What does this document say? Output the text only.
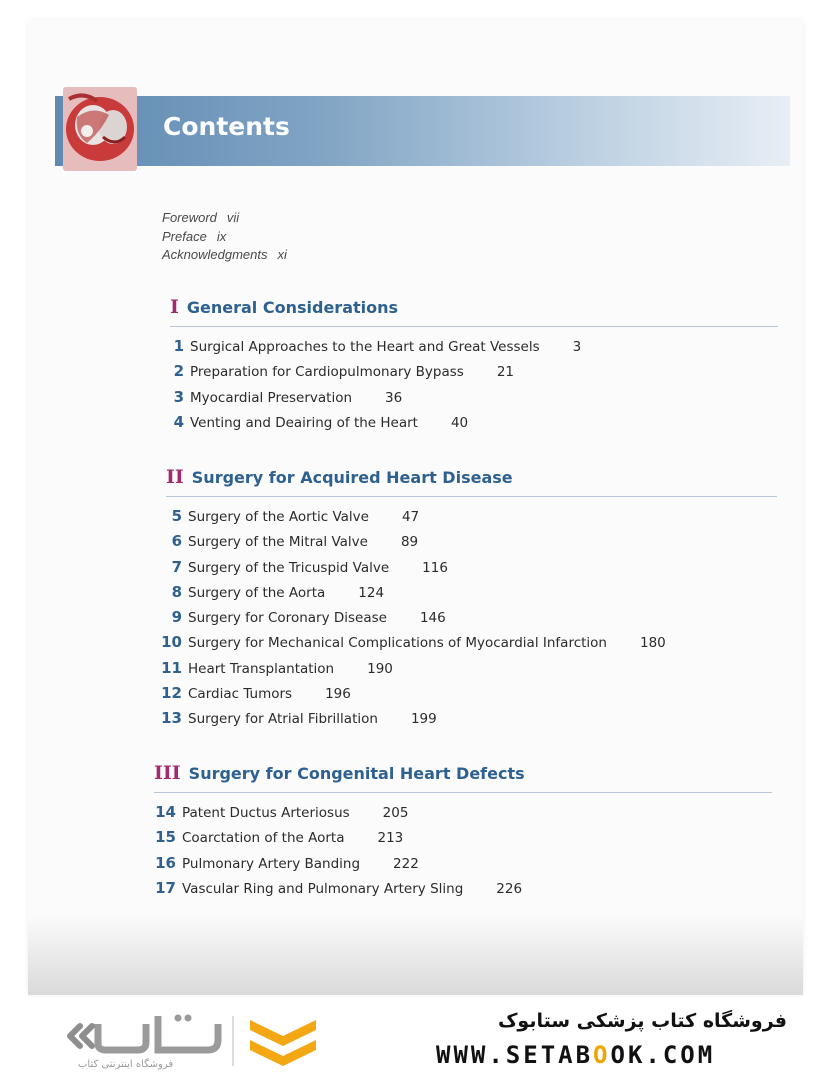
Contents
Foreword vii
Preface ix
Acknowledgments xi
I General Considerations
1 Surgical Approaches to the Heart and Great Vessels 3
2 Preparation for Cardiopulmonary Bypass 21
3 Myocardial Preservation 36
4 Venting and Deairing of the Heart 40
II Surgery for Acquired Heart Disease
5 Surgery of the Aortic Valve 47
6 Surgery of the Mitral Valve 89
7 Surgery of the Tricuspid Valve 116
8 Surgery of the Aorta 124
9 Surgery for Coronary Disease 146
10 Surgery for Mechanical Complications of Myocardial Infarction 180
11 Heart Transplantation 190
12 Cardiac Tumors 196
13 Surgery for Atrial Fibrillation 199
III Surgery for Congenital Heart Defects
14 Patent Ductus Arteriosus 205
15 Coarctation of the Aorta 213
16 Pulmonary Artery Banding 222
17 Vascular Ring and Pulmonary Artery Sling 226
فروشگاه اینترنتی کتاب
فروشگاه کتاب پزشکی ستابوک
WWW.SETABOOK.COM
